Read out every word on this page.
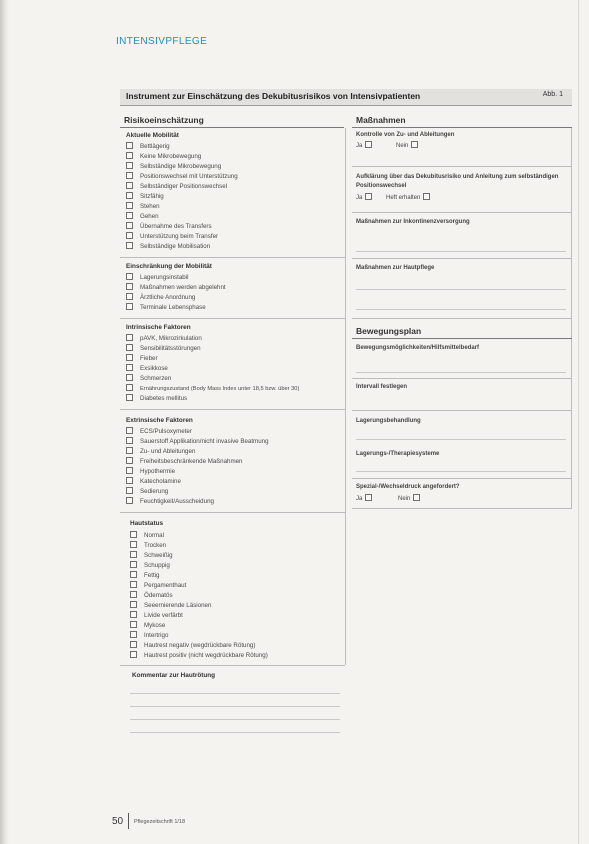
INTENSIVPFLEGE
Instrument zur Einschätzung des Dekubitusrisikos von Intensivpatienten	Abb. 1
Risikoeinschätzung	Maßnahmen
Aktuelle Mobilität
Bettlägerig
Keine Mikrobewegung
Selbständige Mikrobewegung
Positionswechsel mit Unterstützung
Selbständiger Positionswechsel
Sitzfähig
Stehen
Gehen
Übernahme des Transfers
Unterstützung beim Transfer
Selbständige Mobilisation
Einschränkung der Mobilität
Lagerungsinstabil
Maßnahmen werden abgelehnt
Ärztliche Anordnung
Terminale Lebensphase
Intrinsische Faktoren
pAVK, Mikrozirkulation
Sensibilitätsstörungen
Fieber
Exsikkose
Schmerzen
Ernährungszustand (Body Mass Index unter 18,5 bzw. über 30)
Diabetes mellitus
Extrinsische Faktoren
ECS/Pulsoxymeter
Sauerstoff Applikation/nicht invasive Beatmung
Zu- und Ableitungen
Freiheitsbeschränkende Maßnahmen
Hypothermie
Katecholamine
Sedierung
Feuchtigkeit/Ausscheidung
Hautstatus
Normal
Trocken
Schweißig
Schuppig
Fettig
Pergamenthaut
Ödematös
Seeernierende Läsionen
Livide verfärbt
Mykose
Intertrigo
Hautrest negativ (wegdrückbare Rötung)
Hautrest positiv (nicht wegdrückbare Rötung)
Kommentar zur Hautrötung
Kontrolle von Zu- und Ableitungen
Ja	Nein
Aufklärung über das Dekubitusrisiko und Anleitung zum selbständigen Positionswechsel
Ja	Heft erhalten
Maßnahmen zur Inkontinenzversorgung
Maßnahmen zur Hautpflege
Bewegungsplan
Bewegungsmöglichkeiten/Hilfsmittelbedarf
Intervall festlegen
Lagerungsbehandlung
Lagerungs-/Therapiesysteme
Spezial-/Wechseldruck angefordert?
Ja	Nein
50 Pflegezeitschrift 1/18
